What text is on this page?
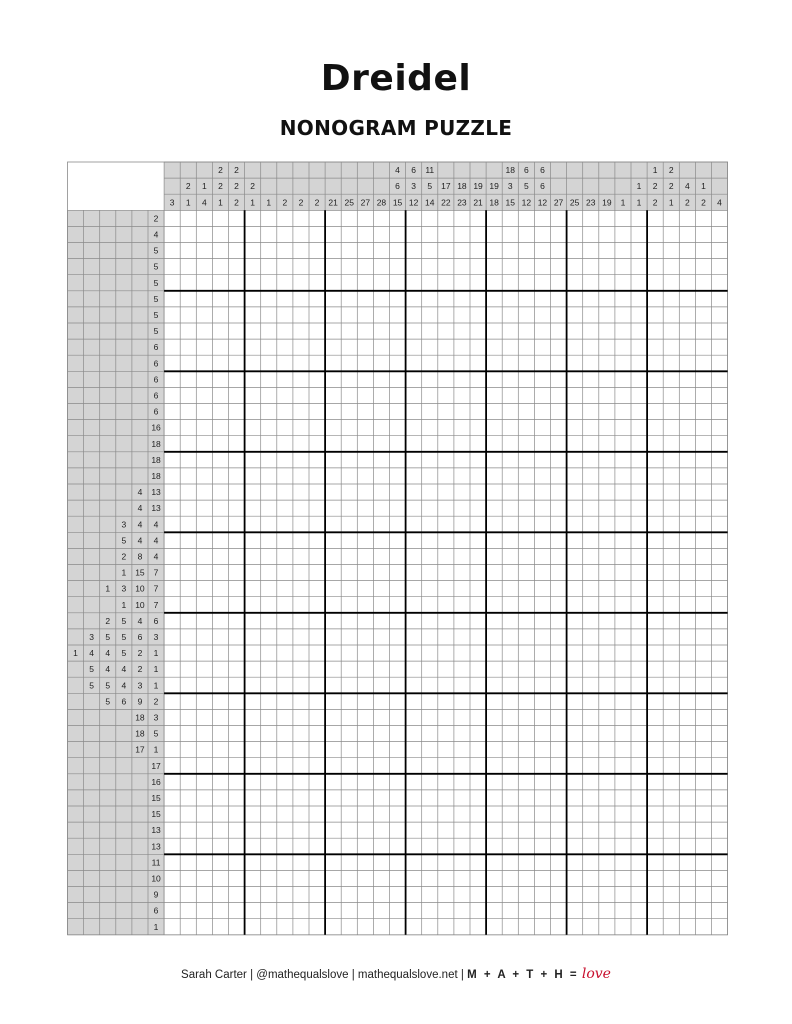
Dreidel
NONOGRAM PUZZLE
3
2
1
1
4
2
2
1
2
2
2
2
1 1 2 2 2 21 25 27 28
4
6
15
6
3
12
11
5
14
17
22
18
23
19
21
19
18
18
3
15
6
5
12
6
6
12 27 25 23 19 1
1
1
1
2
2
2
2
1
4
2
1
2 4
2
4
5
5
5
5
5
5
6
6
6
6
6
16
18
18
18
4 13
4 13
3 4 4
5 4 4
2 8 4
1 15 7
1 3 10 7
1 10 7
2 5 4 6
3 5 5 6 3
1 4 4 5 2 1
5 4 4 2 1
5 5 4 3 1
5 6 9 2
18 3
18 5
17 1
17
16
15
15
13
13
11
10
9
6
1
Sarah Carter | @mathequalslove | mathequalslove.net | M + A + T + H = love
